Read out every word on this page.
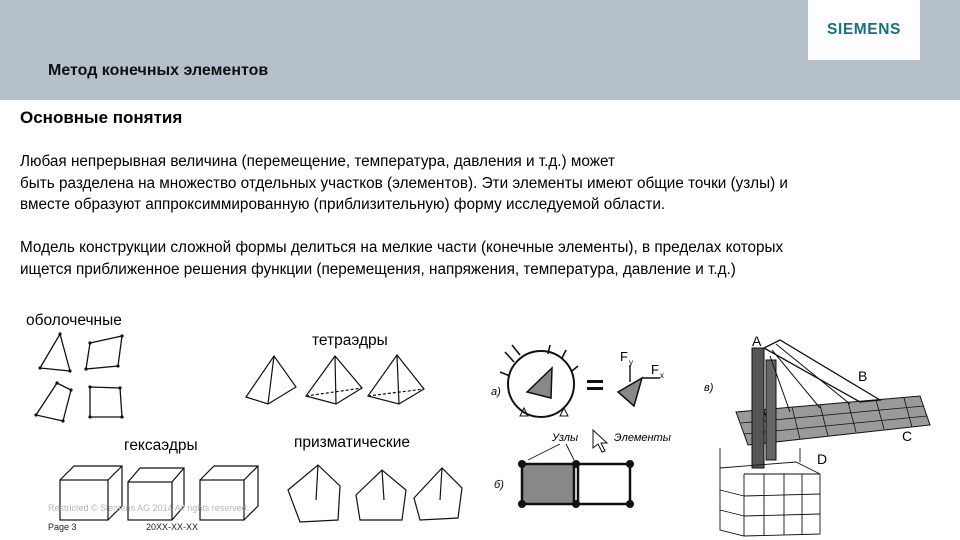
SIEMENS
Метод конечных элементов
Основные понятия
Любая непрерывная величина (перемещение, температура, давления и т.д.) может
быть разделена на множество отдельных участков (элементов). Эти элементы имеют общие точки (узлы) и
вместе образуют аппроксиммированную (приблизительную) форму исследуемой области.
Модель конструкции сложной формы делиться на мелкие части (конечные элементы), в пределах которых
ищется приближенное решения функции (перемещения, напряжения, температура, давление и т.д.)
оболочечные
тетраэдры
гексаэдры	призматические
а)
F y F x
Узлы	Элементы
б)
в)
A
B
C
D
Restricted © Siemens AG 2014 All rights reserved.
Page 3	20XX-XX-XX
